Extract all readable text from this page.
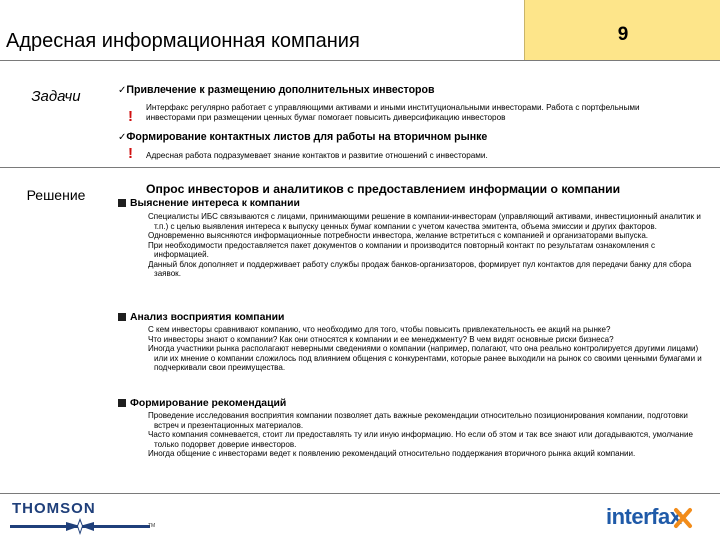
Адресная информационная компания	9
Задачи	✓Привлечение к размещению дополнительных инвесторов
!
Интерфакс регулярно работает с управляющими активами и иными институциональными инвесторами. Работа с портфельными инвесторами при размещении ценных бумаг помогает повысить диверсификацию инвесторов
✓Формирование контактных листов для работы на вторичном рынке
! Адресная работа подразумевает знание контактов и развитие отношений с инвесторами.
Решение	Опрос инвесторов и аналитиков с предоставлением информации о компании
Выяснение интереса к компании

Специалисты ИБС связываются с лицами, принимающими решение в компании-инвесторам (управляющий активами, инвестиционный аналитик и т.п.) с целью выявления интереса к выпуску ценных бумаг компании с учетом качества эмитента, объема эмиссии и других факторов.

Одновременно выясняются информационные потребности инвестора, желание встретиться с компанией и организаторами выпуска.

При необходимости предоставляется пакет документов о компании и производится повторный контакт по результатам ознакомления с информацией.

Данный блок дополняет и поддерживает работу службы продаж банков-организаторов, формирует пул контактов для передачи банку для сбора заявок.

Анализ восприятия компании

С кем инвесторы сравнивают компанию, что необходимо для того, чтобы повысить привлекательность ее акций на рынке?

Что инвесторы знают о компании? Как они относятся к компании и ее менеджменту? В чем видят основные риски бизнеса?

Иногда участники рынка располагают неверными сведениями о компании (например, полагают, что она реально контролируется другими лицами) или их мнение о компании сложилось под влиянием общения с конкурентами, которые ранее выходили на рынок со своими ценными бумагами и подчеркивали свои преимущества.

Формирование рекомендаций

Проведение исследования восприятия компании позволяет дать важные рекомендации относительно позиционирования компании, подготовки встреч и презентационных материалов.

Часто компания сомневается, стоит ли предоставлять ту или иную информацию. Но если об этом и так все знают или догадываются, умолчание только подорвет доверие инвесторов.

Иногда общение с инвесторами ведет к появлению рекомендаций относительно поддержания вторичного рынка акций компании.

THOMSON
TM	interfax
